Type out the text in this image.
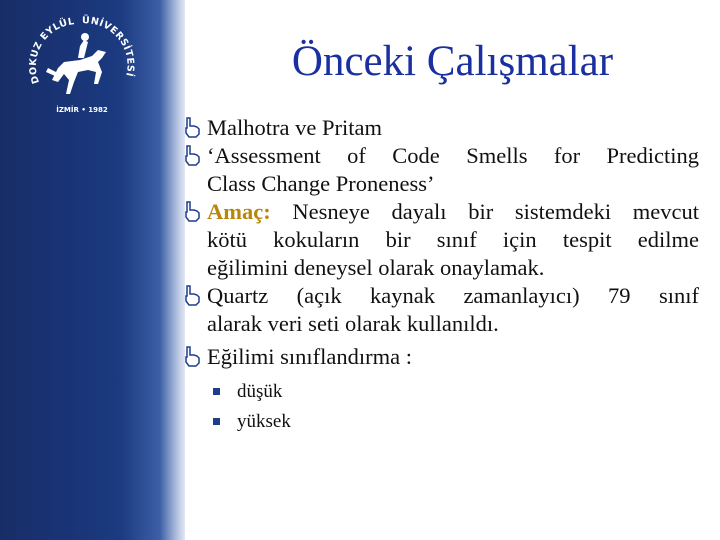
DOKUZ EYLÜL ÜNİVERSİTESİ
İZMİR • 1982
Önceki Çalışmalar
Malhotra ve Pritam
‘Assessment of Code Smells for Predicting
Class Change Proneness’
Amaç: Nesneye dayalı bir sistemdeki mevcut
kötü kokuların bir sınıf için tespit edilme
eğilimini deneysel olarak onaylamak.
Quartz (açık kaynak zamanlayıcı) 79 sınıf
alarak veri seti olarak kullanıldı.
Eğilimi sınıflandırma :
düşük
yüksek
